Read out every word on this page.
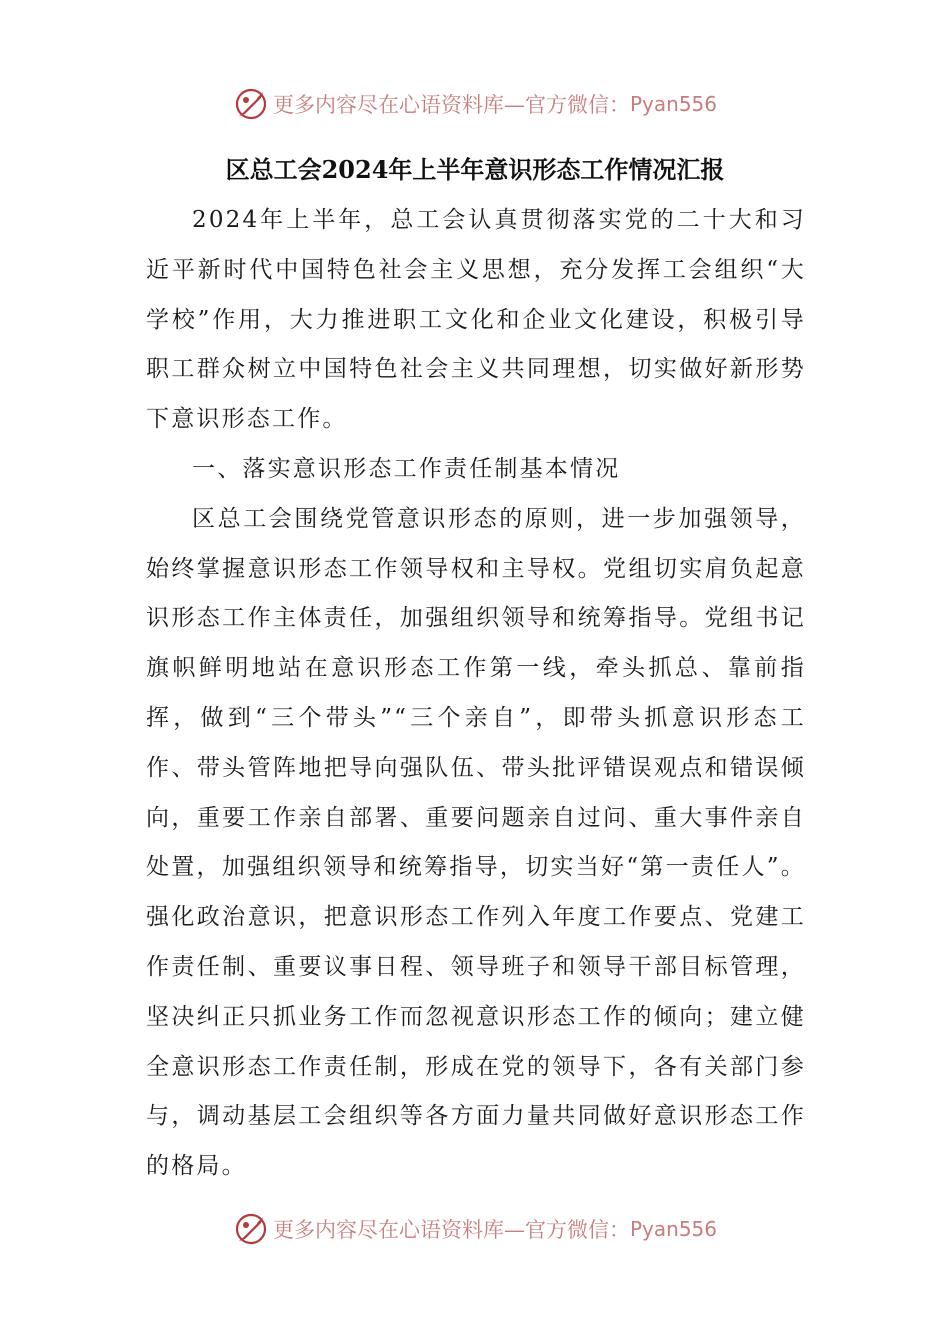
更多内容尽在心语资料库—官方微信： Pyan556
区总工会2024年上半年意识形态工作情况汇报

2024年上半年，总工会认真贯彻落实党的二十大和习近平新时代中国特色社会主义思想，充分发挥工会组织“大学校”作用，大力推进职工文化和企业文化建设，积极引导职工群众树立中国特色社会主义共同理想，切实做好新形势下意识形态工作。

一、落实意识形态工作责任制基本情况

区总工会围绕党管意识形态的原则，进一步加强领导，始终掌握意识形态工作领导权和主导权。党组切实肩负起意识形态工作主体责任，加强组织领导和统筹指导。党组书记旗帜鲜明地站在意识形态工作第一线，牵头抓总、靠前指挥，做到“三个带头”“三个亲自”，即带头抓意识形态工作、带头管阵地把导向强队伍、带头批评错误观点和错误倾向，重要工作亲自部署、重要问题亲自过问、重大事件亲自处置，加强组织领导和统筹指导，切实当好“第一责任人”。强化政治意识，把意识形态工作列入年度工作要点、党建工作责任制、重要议事日程、领导班子和领导干部目标管理，坚决纠正只抓业务工作而忽视意识形态工作的倾向；建立健全意识形态工作责任制，形成在党的领导下，各有关部门参与，调动基层工会组织等各方面力量共同做好意识形态工作的格局。

更多内容尽在心语资料库—官方微信： Pyan556
